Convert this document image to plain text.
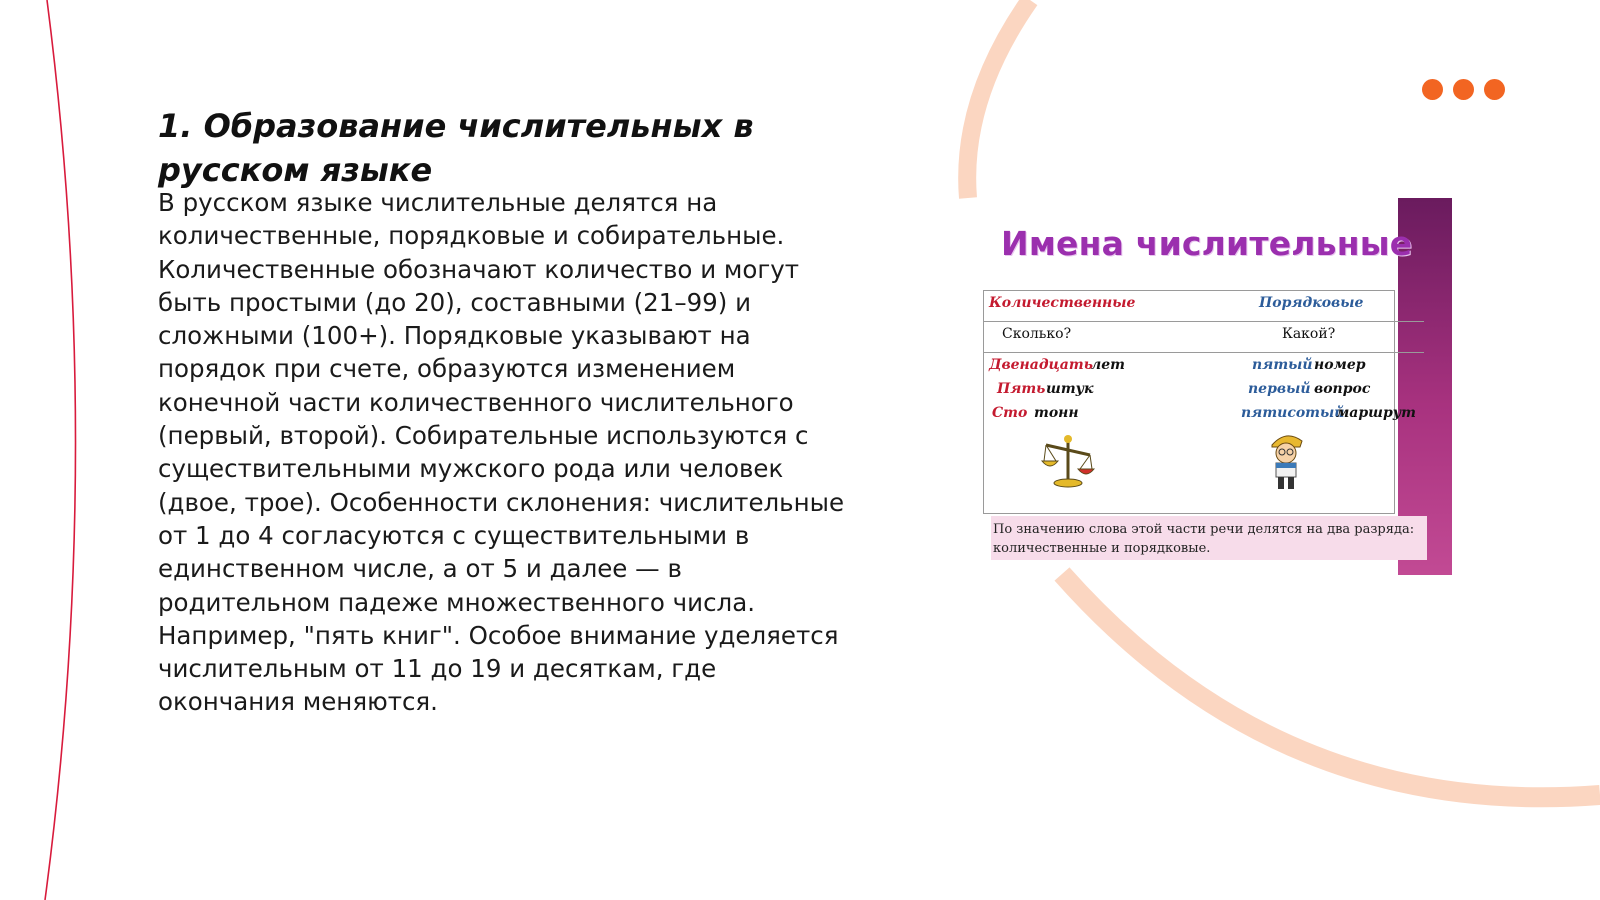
1. Образование числительных в русском языке

В русском языке числительные делятся на количественные, порядковые и собирательные. Количественные обозначают количество и могут быть простыми (до 20), составными (21–99) и сложными (100+). Порядковые указывают на порядок при счете, образуются изменением конечной части количественного числительного (первый, второй). Собирательные используются с существительными мужского рода или человек (двое, трое). Особенности склонения: числительные от 1 до 4 согласуются с существительными в единственном числе, а от 5 и далее — в родительном падеже множественного числа. Например, "пять книг". Особое внимание уделяется числительным от 11 до 19 и десяткам, где окончания меняются.

Имена числительные
Количественные	Порядковые
Сколько?	Какой?
Двенадцать
лет
Пять штук
Сто тонн
пятый номер
первый вопрос
пятисотый
маршрут
По значению слова этой части речи делятся на два разряда: количественные и порядковые.
